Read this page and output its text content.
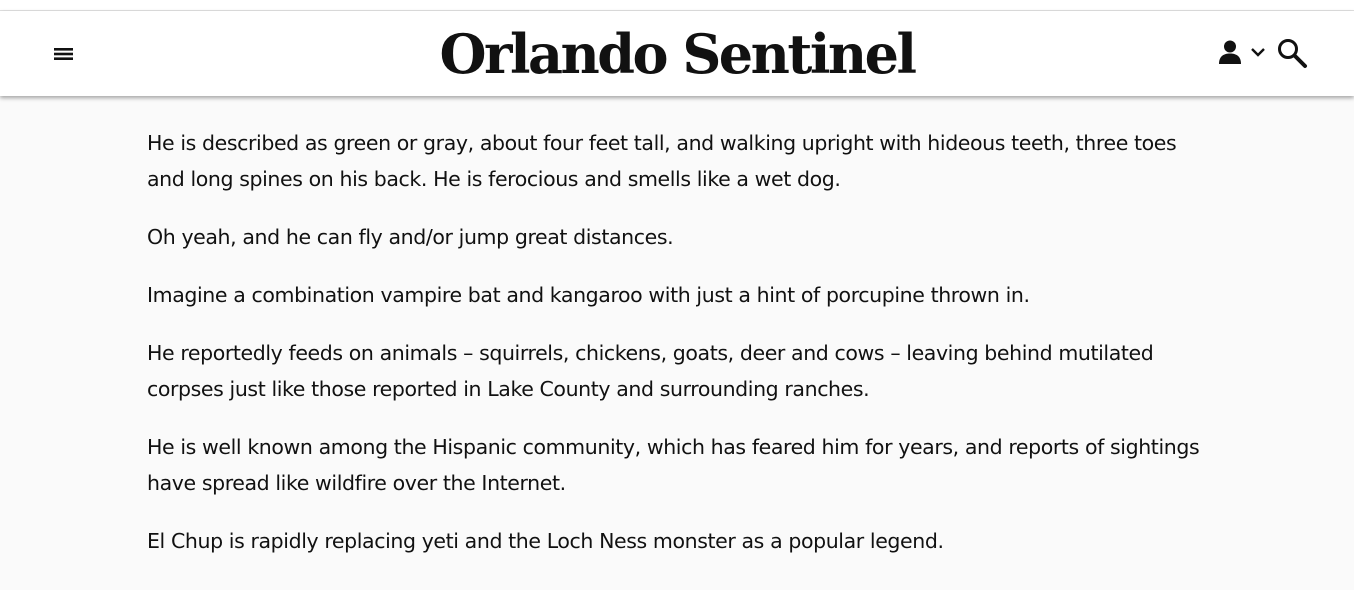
Orlando Sentinel

He is described as green or gray, about four feet tall, and walking upright with hideous teeth, three toes and long spines on his back. He is ferocious and smells like a wet dog.

Oh yeah, and he can fly and/or jump great distances.

Imagine a combination vampire bat and kangaroo with just a hint of porcupine thrown in.

He reportedly feeds on animals – squirrels, chickens, goats, deer and cows – leaving behind mutilated corpses just like those reported in Lake County and surrounding ranches.

He is well known among the Hispanic community, which has feared him for years, and reports of sightings have spread like wildfire over the Internet.

El Chup is rapidly replacing yeti and the Loch Ness monster as a popular legend.
